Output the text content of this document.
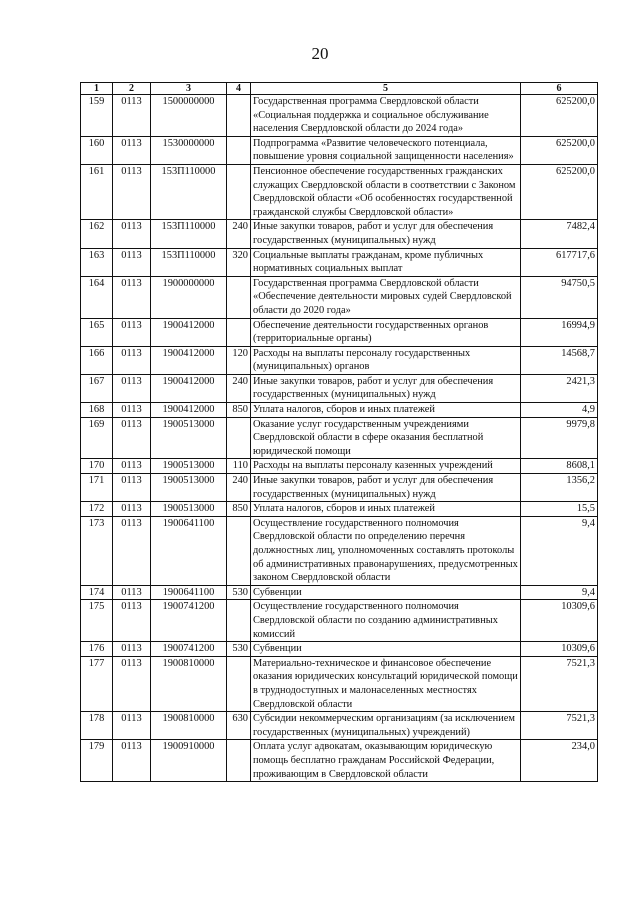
20
1	2	3	4	5	6
159	0113	1500000000		Государственная программа Свердловской области «Социальная поддержка и социальное обслуживание населения Свердловской области до 2024 года»	625200,0
160	0113	1530000000		Подпрограмма «Развитие человеческого потенциала, повышение уровня социальной защищенности населения»	625200,0
161	0113	153П110000		Пенсионное обеспечение государственных гражданских служащих Свердловской области в соответствии с Законом Свердловской области «Об особенностях государственной гражданской службы Свердловской области»	625200,0
162	0113	153П110000	240	Иные закупки товаров, работ и услуг для обеспечения государственных (муниципальных) нужд	7482,4
163	0113	153П110000	320	Социальные выплаты гражданам, кроме публичных нормативных социальных выплат	617717,6
164	0113	1900000000		Государственная программа Свердловской области «Обеспечение деятельности мировых судей Свердловской области до 2020 года»	94750,5
165	0113	1900412000		Обеспечение деятельности государственных органов (территориальные органы)	16994,9
166	0113	1900412000	120	Расходы на выплаты персоналу государственных (муниципальных) органов	14568,7
167	0113	1900412000	240	Иные закупки товаров, работ и услуг для обеспечения государственных (муниципальных) нужд	2421,3
168	0113	1900412000	850	Уплата налогов, сборов и иных платежей	4,9
169	0113	1900513000		Оказание услуг государственным учреждениями Свердловской области в сфере оказания бесплатной юридической помощи	9979,8
170	0113	1900513000	110	Расходы на выплаты персоналу казенных учреждений	8608,1
171	0113	1900513000	240	Иные закупки товаров, работ и услуг для обеспечения государственных (муниципальных) нужд	1356,2
172	0113	1900513000	850	Уплата налогов, сборов и иных платежей	15,5
173	0113	1900641100		Осуществление государственного полномочия Свердловской области по определению перечня должностных лиц, уполномоченных составлять протоколы об административных правонарушениях, предусмотренных законом Свердловской области	9,4
174	0113	1900641100	530	Субвенции	9,4
175	0113	1900741200		Осуществление государственного полномочия Свердловской области по созданию административных комиссий	10309,6
176	0113	1900741200	530	Субвенции	10309,6
177	0113	1900810000		Материально-техническое и финансовое обеспечение оказания юридических консультаций юридической помощи в труднодоступных и малонаселенных местностях Свердловской области	7521,3
178	0113	1900810000	630	Субсидии некоммерческим организациям (за исключением государственных (муниципальных) учреждений)	7521,3
179	0113	1900910000		Оплата услуг адвокатам, оказывающим юридическую помощь бесплатно гражданам Российской Федерации, проживающим в Свердловской области	234,0
